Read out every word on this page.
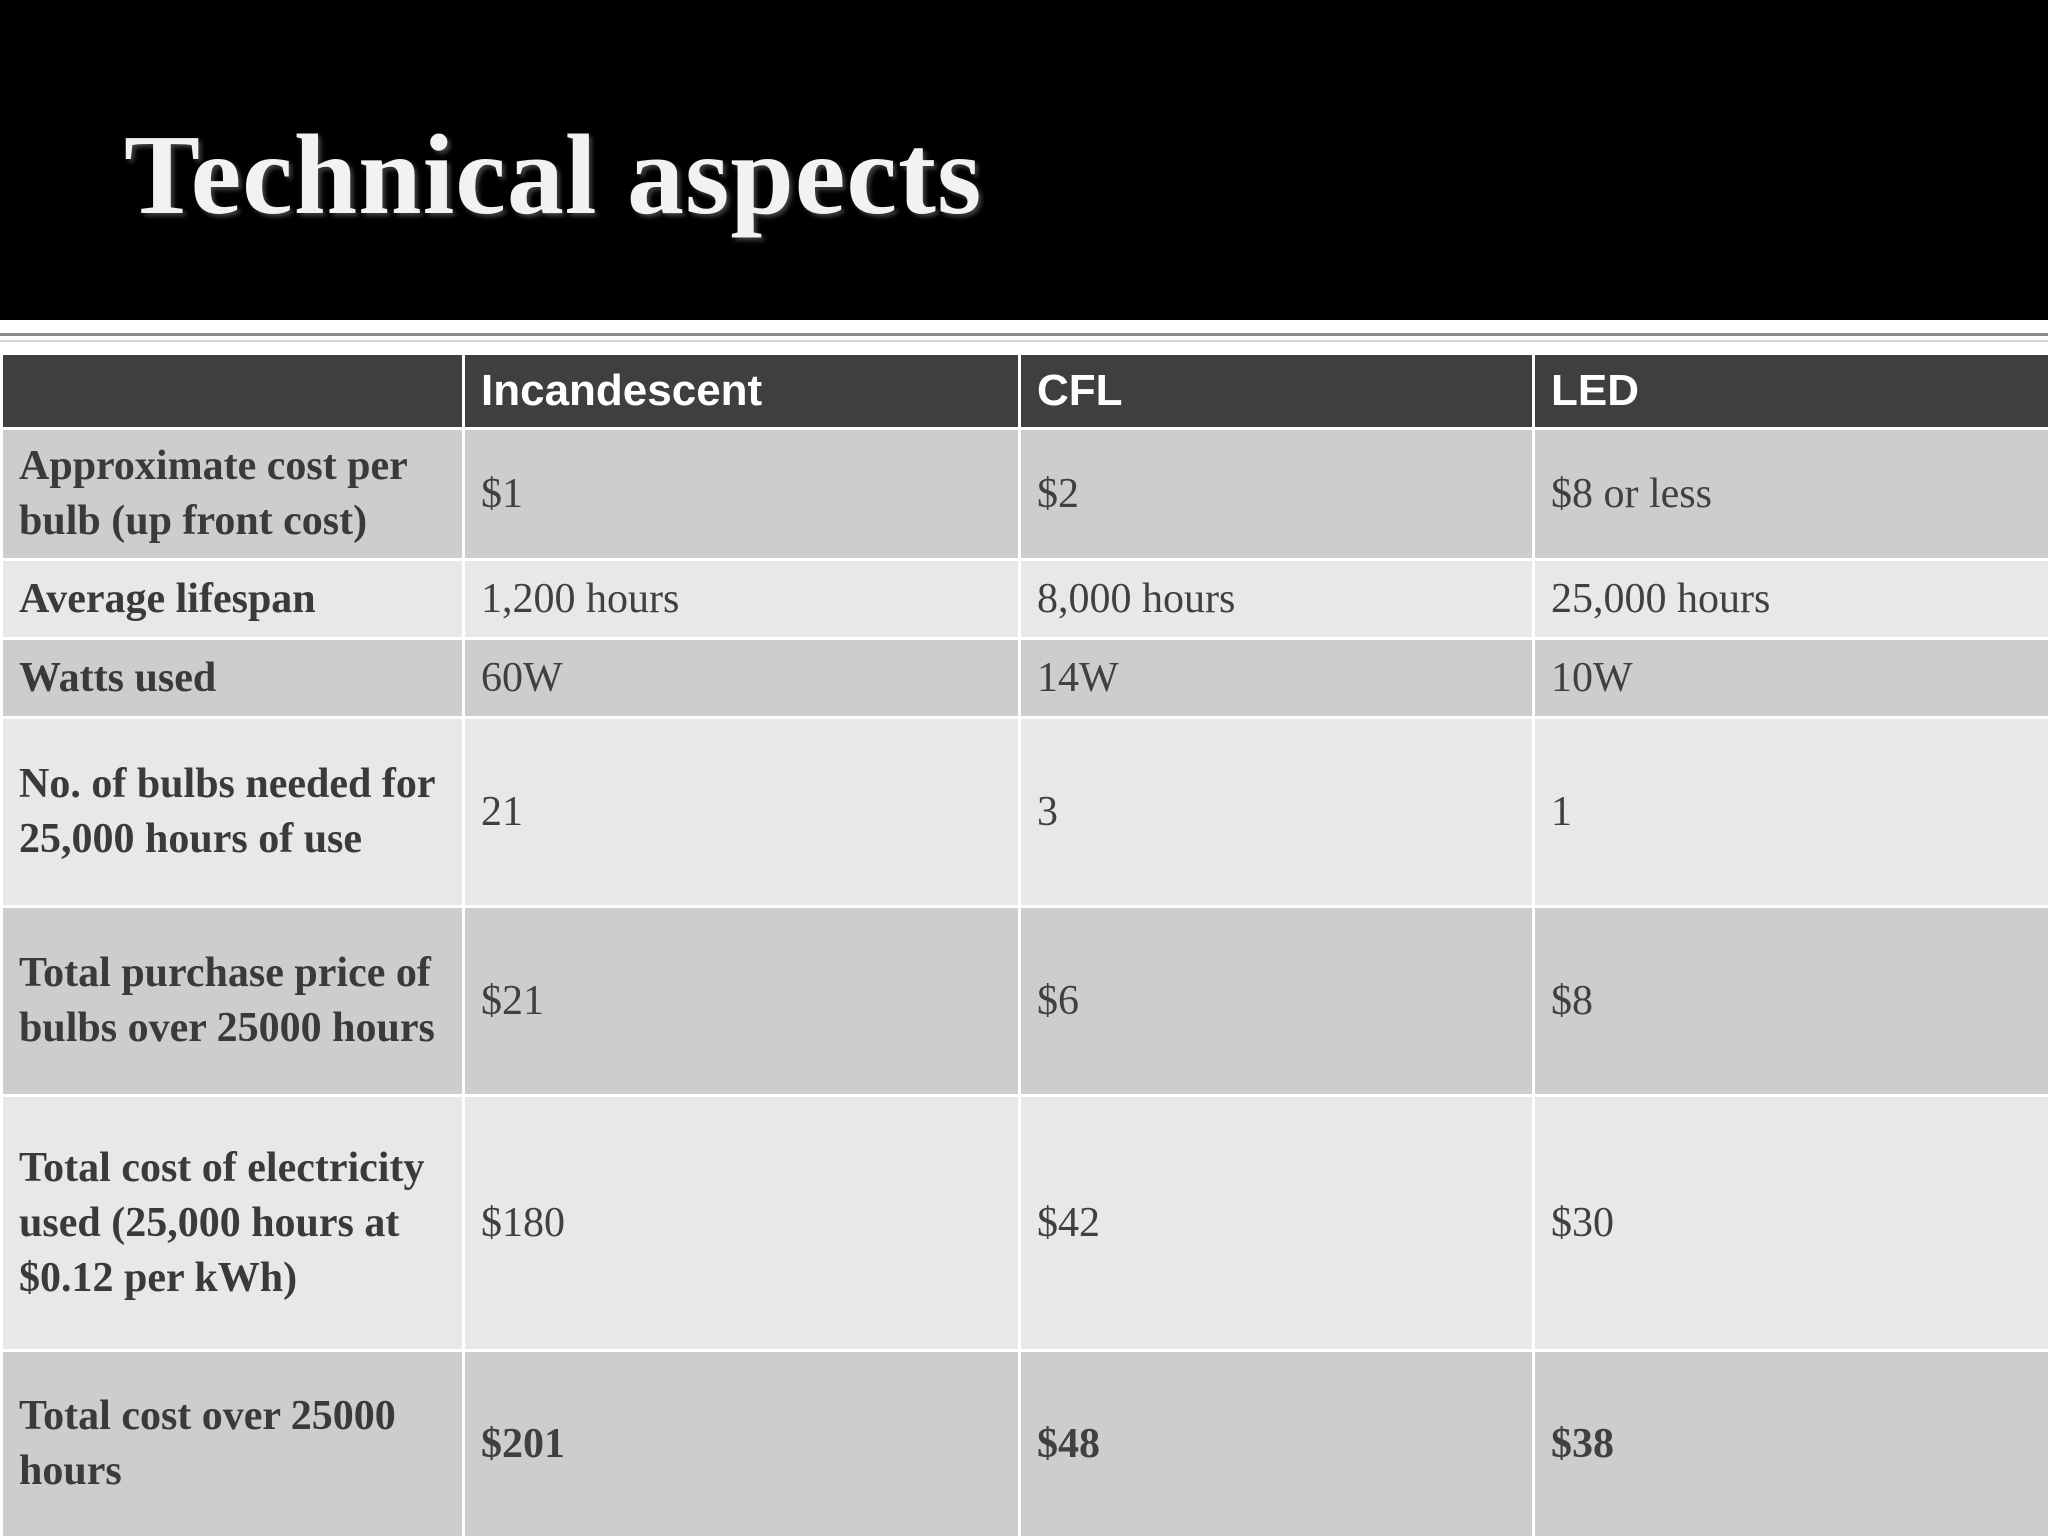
Technical aspects
	Incandescent	CFL	LED
Approximate cost per bulb (up front cost)	$1	$2	$8 or less
Average lifespan	1,200 hours	8,000 hours	25,000 hours
Watts used	60W	14W	10W
No. of bulbs needed for 25,000 hours of use	21	3	1
Total purchase price of bulbs over 25000 hours	$21	$6	$8
Total cost of electricity used (25,000 hours at $0.12 per kWh)	$180	$42	$30
Total cost over 25000 hours	$201	$48	$38
